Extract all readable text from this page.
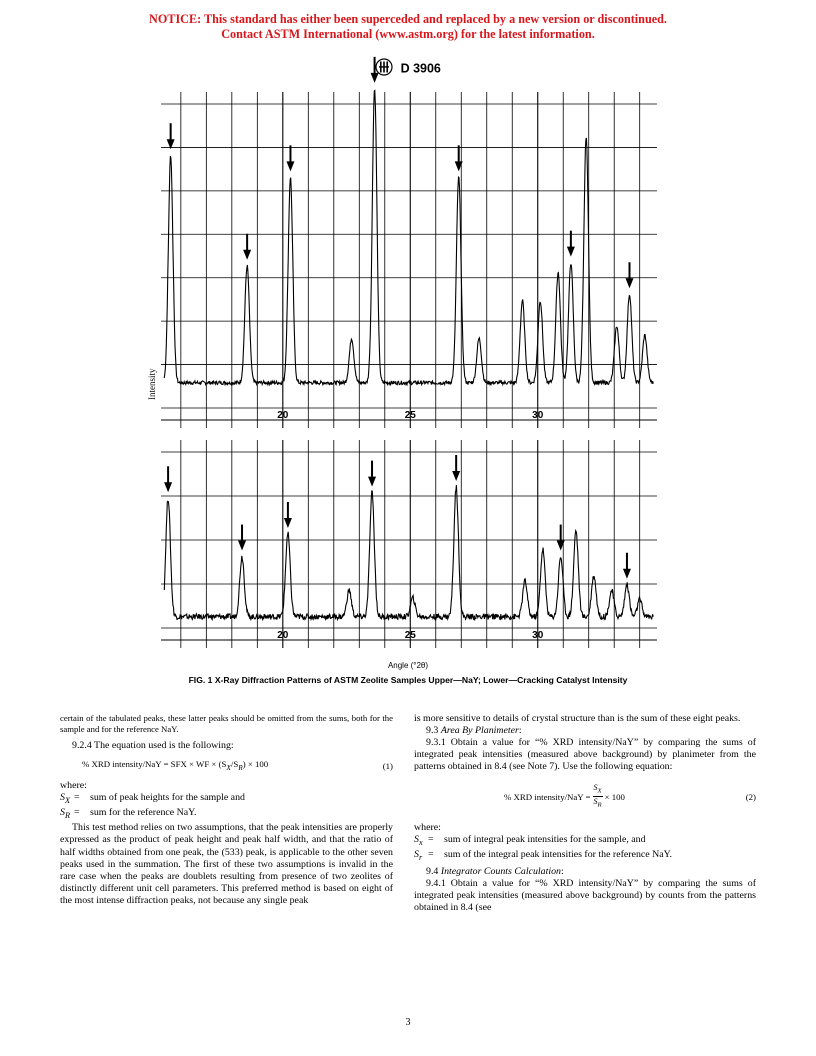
NOTICE: This standard has either been superceded and replaced by a new version or discontinued.
Contact ASTM International (www.astm.org) for the latest information.
D 3906
20	25	30
20	25	30
Intensity
Angle (°2θ)
FIG. 1 X-Ray Diffraction Patterns of ASTM Zeolite Samples Upper—NaY; Lower—Cracking Catalyst Intensity

certain of the tabulated peaks, these latter peaks should be omitted from the sums, both for the sample and for the reference NaY.

9.2.4 The equation used is the following:

% XRD intensity/NaY = SFX × WF × $(S_X/S_R) \times 100$	(1)

where:

$S_X$ =	sum of peak heights for the sample and
$S_R$ =	sum for the reference NaY.

This test method relies on two assumptions, that the peak intensities are properly expressed as the product of peak height and peak half width, and that the ratio of half widths obtained from one peak, the (533) peak, is applicable to the other seven peaks used in the summation. The first of these two assumptions is invalid in the rare case when the peaks are doublets resulting from presence of two zeolites of distinctly different unit cell parameters. This preferred method is based on eight of the most intense diffraction peaks, not because any single peak

is more sensitive to details of crystal structure than is the sum of these eight peaks.

9.3 Area By Planimeter:

9.3.1 Obtain a value for “% XRD intensity/NaY” by comparing the sums of integrated peak intensities (measured above background) by planimeter from the patterns obtained in 8.4 (see Note 7). Use the following equation:

% XRD intensity/NaY = $\frac{S_X}{S_R} \times 100$	(2)

where:

$S_x$ =	sum of integral peak intensities for the sample, and
$S_r$ =	sum of the integral peak intensities for the reference NaY.

9.4 Integrator Counts Calculation:

9.4.1 Obtain a value for “% XRD intensity/NaY” by comparing the sums of integrated peak intensities (measured above background) by counts from the patterns obtained in 8.4 (see

3
